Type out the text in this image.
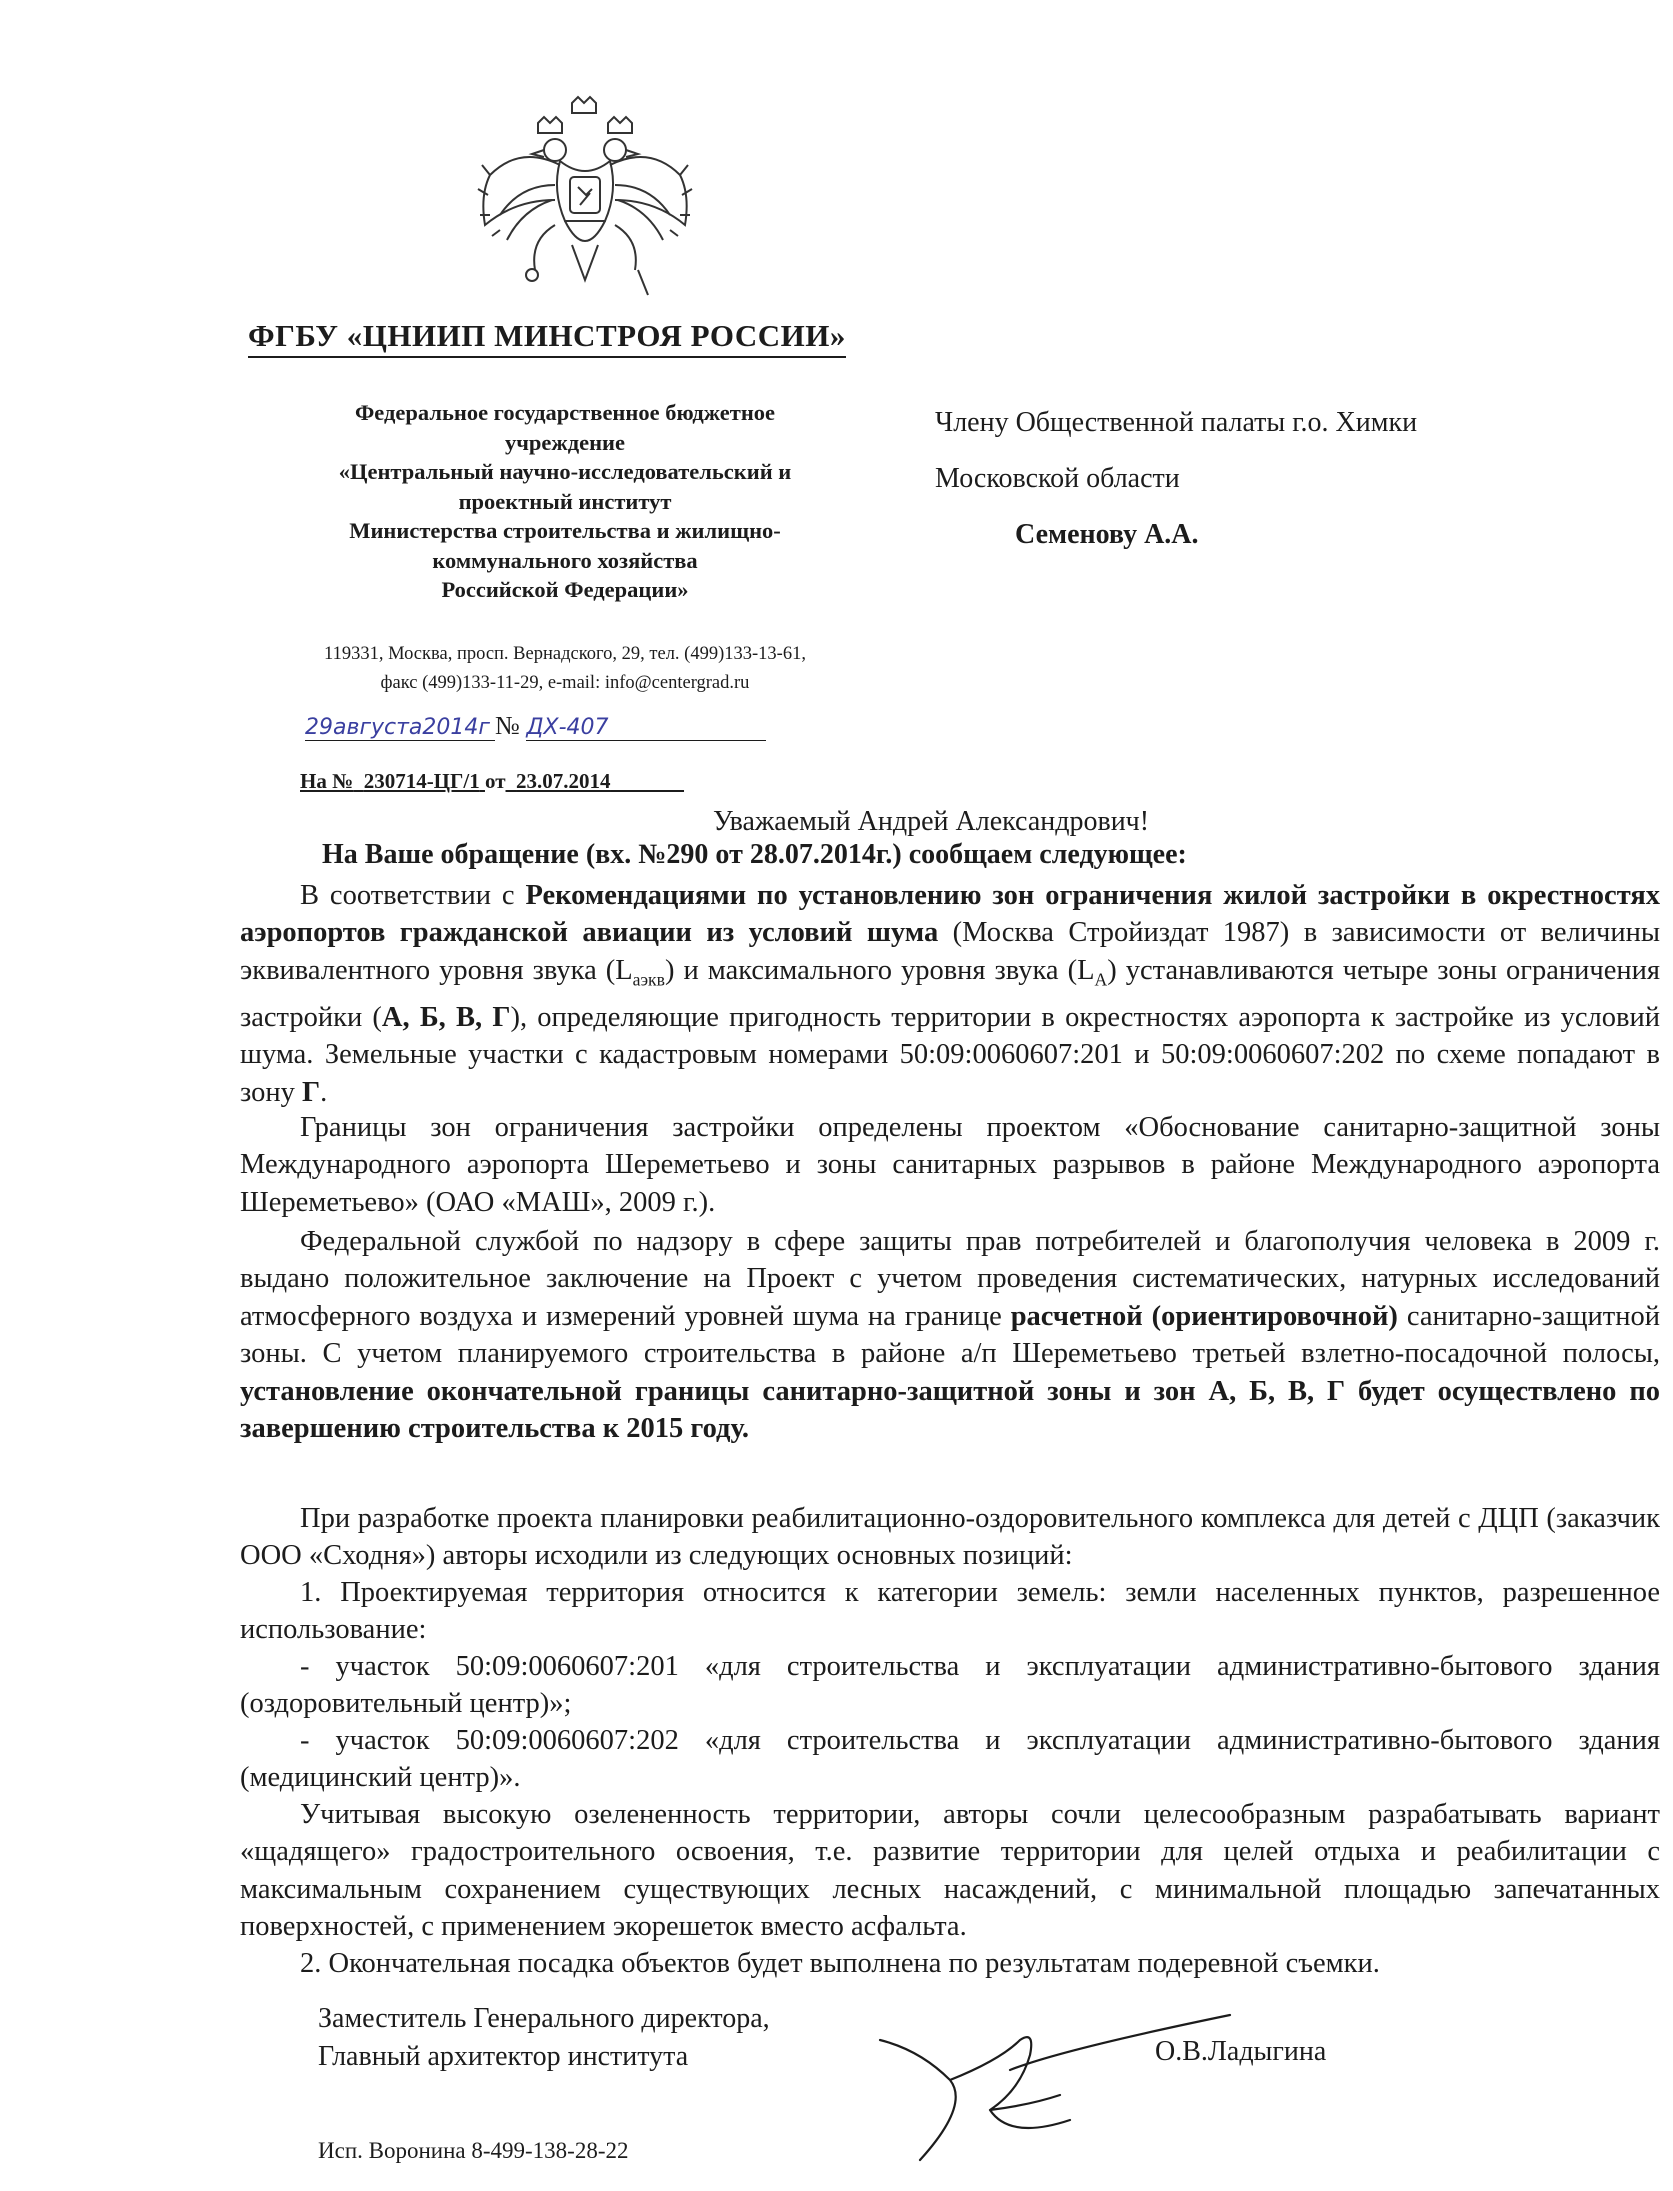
ФГБУ «ЦНИИП МИНСТРОЯ РОССИИ»
Федеральное государственное бюджетное
учреждение
«Центральный научно-исследовательский и
проектный институт
Министерства строительства и жилищно-
коммунального хозяйства
Российской Федерации»
119331, Москва, просп. Вернадского, 29, тел. (499)133-13-61,
факс (499)133-11-29, e-mail: info@centergrad.ru
Члену Общественной палаты г.о. Химки
Московской области
Семенову А.А.
29августа2014г № ДХ-407
На № 230714-ЦГ/1 от 23.07.2014
Уважаемый Андрей Александрович!
На Ваше обращение (вх. №290 от 28.07.2014г.) сообщаем следующее:

В соответствии с Рекомендациями по установлению зон ограничения жилой застройки в окрестностях аэропортов гражданской авиации из условий шума (Москва Стройиздат 1987) в зависимости от величины эквивалентного уровня звука $(L_{аэкв})$ и максимального уровня звука $(L_A)$ устанавливаются четыре зоны ограничения застройки (А, Б, В, Г), определяющие пригодность территории в окрестностях аэропорта к застройке из условий шума. Земельные участки с кадастровым номерами 50:09:0060607:201 и 50:09:0060607:202 по схеме попадают в зону Г.

Границы зон ограничения застройки определены проектом «Обоснование санитарно-защитной зоны Международного аэропорта Шереметьево и зоны санитарных разрывов в районе Международного аэропорта Шереметьево» (ОАО «МАШ», 2009 г.).

Федеральной службой по надзору в сфере защиты прав потребителей и благополучия человека в 2009 г. выдано положительное заключение на Проект с учетом проведения систематических, натурных исследований атмосферного воздуха и измерений уровней шума на границе расчетной (ориентировочной) санитарно-защитной зоны. С учетом планируемого строительства в районе а/п Шереметьево третьей взлетно-посадочной полосы, установление окончательной границы санитарно-защитной зоны и зон А, Б, В, Г будет осуществлено по завершению строительства к 2015 году.

При разработке проекта планировки реабилитационно-оздоровительного комплекса для детей с ДЦП (заказчик ООО «Сходня») авторы исходили из следующих основных позиций:

1. Проектируемая территория относится к категории земель: земли населенных пунктов, разрешенное использование:

- участок 50:09:0060607:201 «для строительства и эксплуатации административно-бытового здания (оздоровительный центр)»;

- участок 50:09:0060607:202 «для строительства и эксплуатации административно-бытового здания (медицинский центр)».

Учитывая высокую озелененность территории, авторы сочли целесообразным разрабатывать вариант «щадящего» градостроительного освоения, т.е. развитие территории для целей отдыха и реабилитации с максимальным сохранением существующих лесных насаждений, с минимальной площадью запечатанных поверхностей, с применением экорешеток вместо асфальта.

2. Окончательная посадка объектов будет выполнена по результатам подеревной съемки.

Заместитель Генерального директора,
Главный архитектор института	О.В.Ладыгина
Исп. Воронина 8-499-138-28-22
